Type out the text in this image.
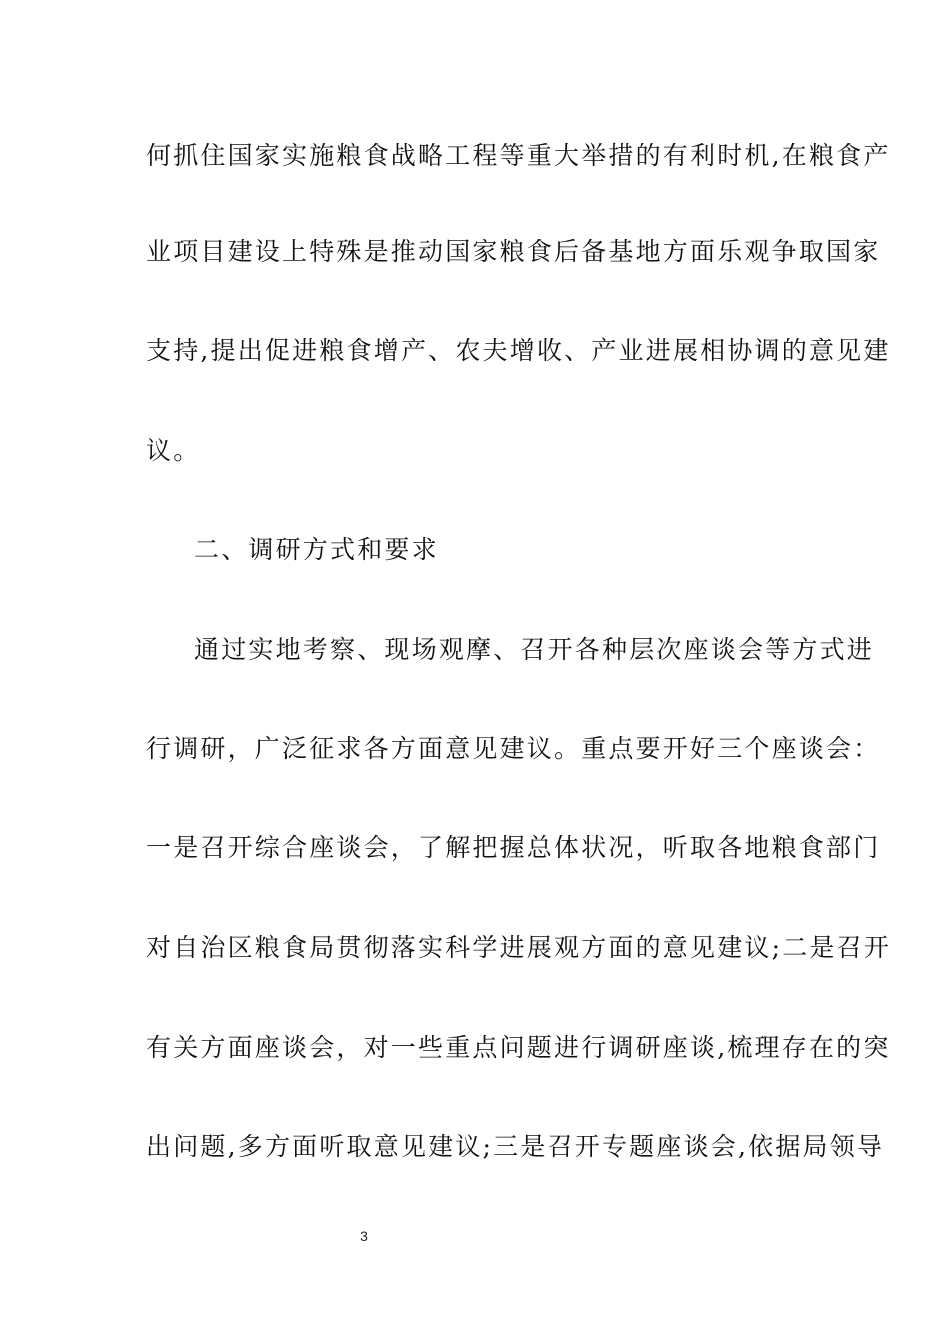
何抓住国家实施粮食战略工程等重大举措的有利时机,在粮食产
业项目建设上特殊是推动国家粮食后备基地方面乐观争取国家
支持,提出促进粮食增产、农夫增收、产业进展相协调的意见建
议。
二、调研方式和要求
通过实地考察、现场观摩、召开各种层次座谈会等方式进
行调研，广泛征求各方面意见建议。重点要开好三个座谈会：
一是召开综合座谈会，了解把握总体状况，听取各地粮食部门
对自治区粮食局贯彻落实科学进展观方面的意见建议;二是召开
有关方面座谈会，对一些重点问题进行调研座谈,梳理存在的突
出问题,多方面听取意见建议;三是召开专题座谈会,依据局领导
3
